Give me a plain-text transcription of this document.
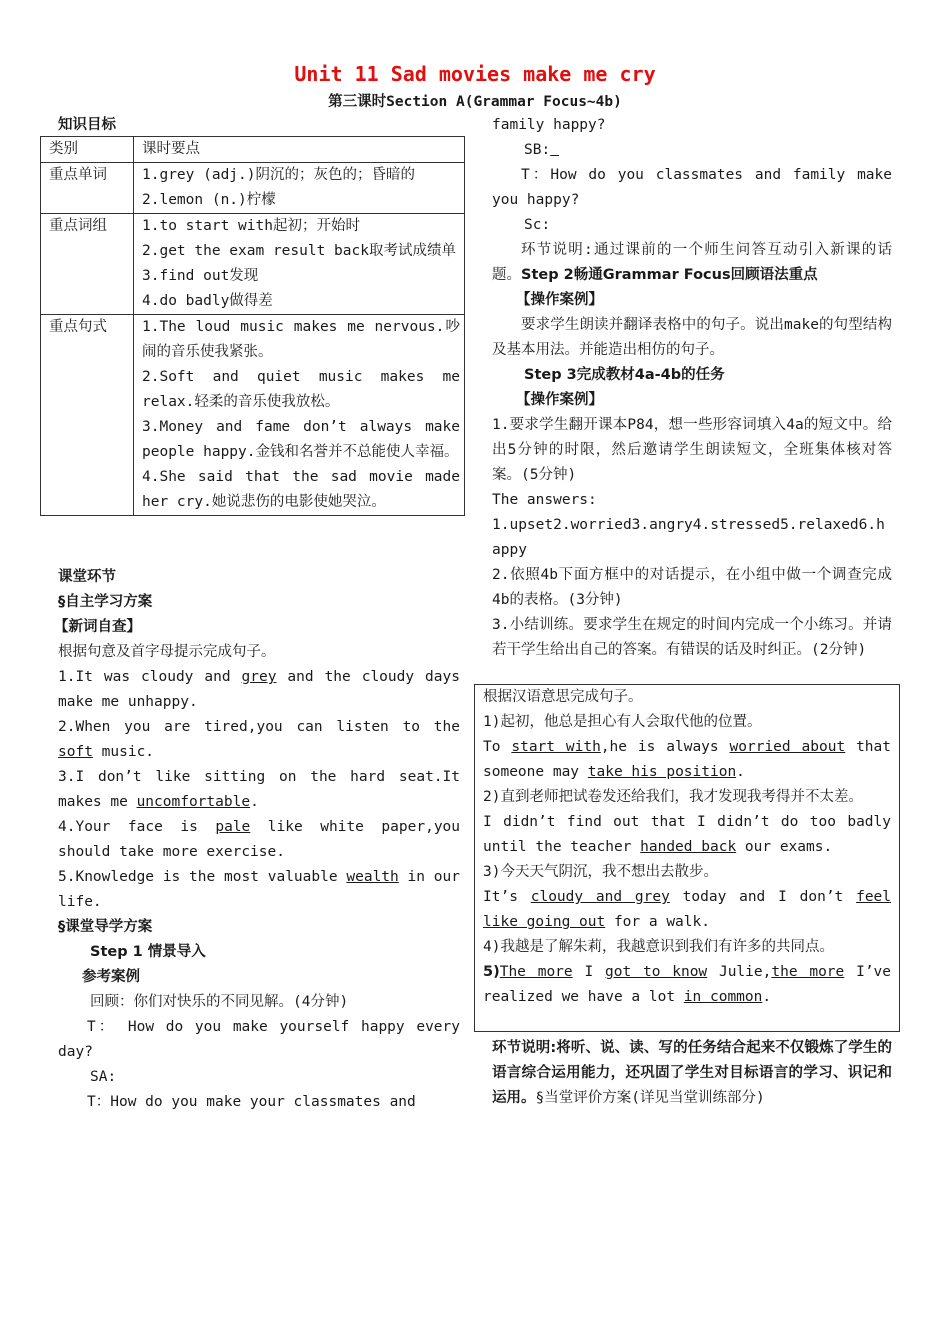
Unit 11 Sad movies make me cry
第三课时Section A(Grammar Focus~4b)
知识目标
类别	课时要点
重点单词	1.grey (adj.)阴沉的；灰色的；昏暗的
2.lemon (n.)柠檬

重点词组	1.to start with起初；开始时
2.get the exam result back取考试成绩单
3.find out发现
4.do badly做得差

重点句式	1.The loud music makes me nervous.吵闹的音乐使我紧张。
2.Soft and quiet music makes me relax.轻柔的音乐使我放松。
3.Money and fame don’t always make people happy.金钱和名誉并不总能使人幸福。
4.She said that the sad movie made her cry.她说悲伤的电影使她哭泣。
课堂环节
§自主学习方案
【新词自查】
根据句意及首字母提示完成句子。
1.It was cloudy and grey and the cloudy days make me unhappy.
2.When you are tired,you can listen to the soft music.
3.I don’t like sitting on the hard seat.It makes me uncomfortable.
4.Your face is pale like white paper,you should take more exercise.
5.Knowledge is the most valuable wealth in our life.
§课堂导学方案
Step 1 情景导入
参考案例
回顾：你们对快乐的不同见解。(4分钟)
T： How do you make yourself happy every day?
SA:
T：How do you make your classmates and
family happy?
SB:
T：How do you classmates and family make you happy?
Sc:
环节说明:通过课前的一个师生问答互动引入新课的话题。Step 2畅通Grammar Focus回顾语法重点
【操作案例】
要求学生朗读并翻译表格中的句子。说出make的句型结构及基本用法。并能造出相仿的句子。
Step 3完成教材4a-4b的任务
【操作案例】
1.要求学生翻开课本P84，想一些形容词填入4a的短文中。给出5分钟的时限，然后邀请学生朗读短文，全班集体核对答案。(5分钟)
The answers:
1.upset2.worried3.angry4.stressed5.relaxed6.happy
2.依照4b下面方框中的对话提示，在小组中做一个调查完成4b的表格。(3分钟)
3.小结训练。要求学生在规定的时间内完成一个小练习。并请若干学生给出自己的答案。有错误的话及时纠正。(2分钟)
根据汉语意思完成句子。
1)起初，他总是担心有人会取代他的位置。
To start with,he is always worried about that someone may take his position.
2)直到老师把试卷发还给我们，我才发现我考得并不太差。
I didn’t find out that I didn’t do too badly until the teacher handed back our exams.
3)今天天气阴沉，我不想出去散步。
It’s cloudy and grey today and I don’t feel like going out for a walk.
4)我越是了解朱莉，我越意识到我们有许多的共同点。
5)The more I got to know Julie,the more I’ve realized we have a lot in common.
环节说明:将听、说、读、写的任务结合起来不仅锻炼了学生的语言综合运用能力，还巩固了学生对目标语言的学习、识记和运用。§当堂评价方案(详见当堂训练部分)
